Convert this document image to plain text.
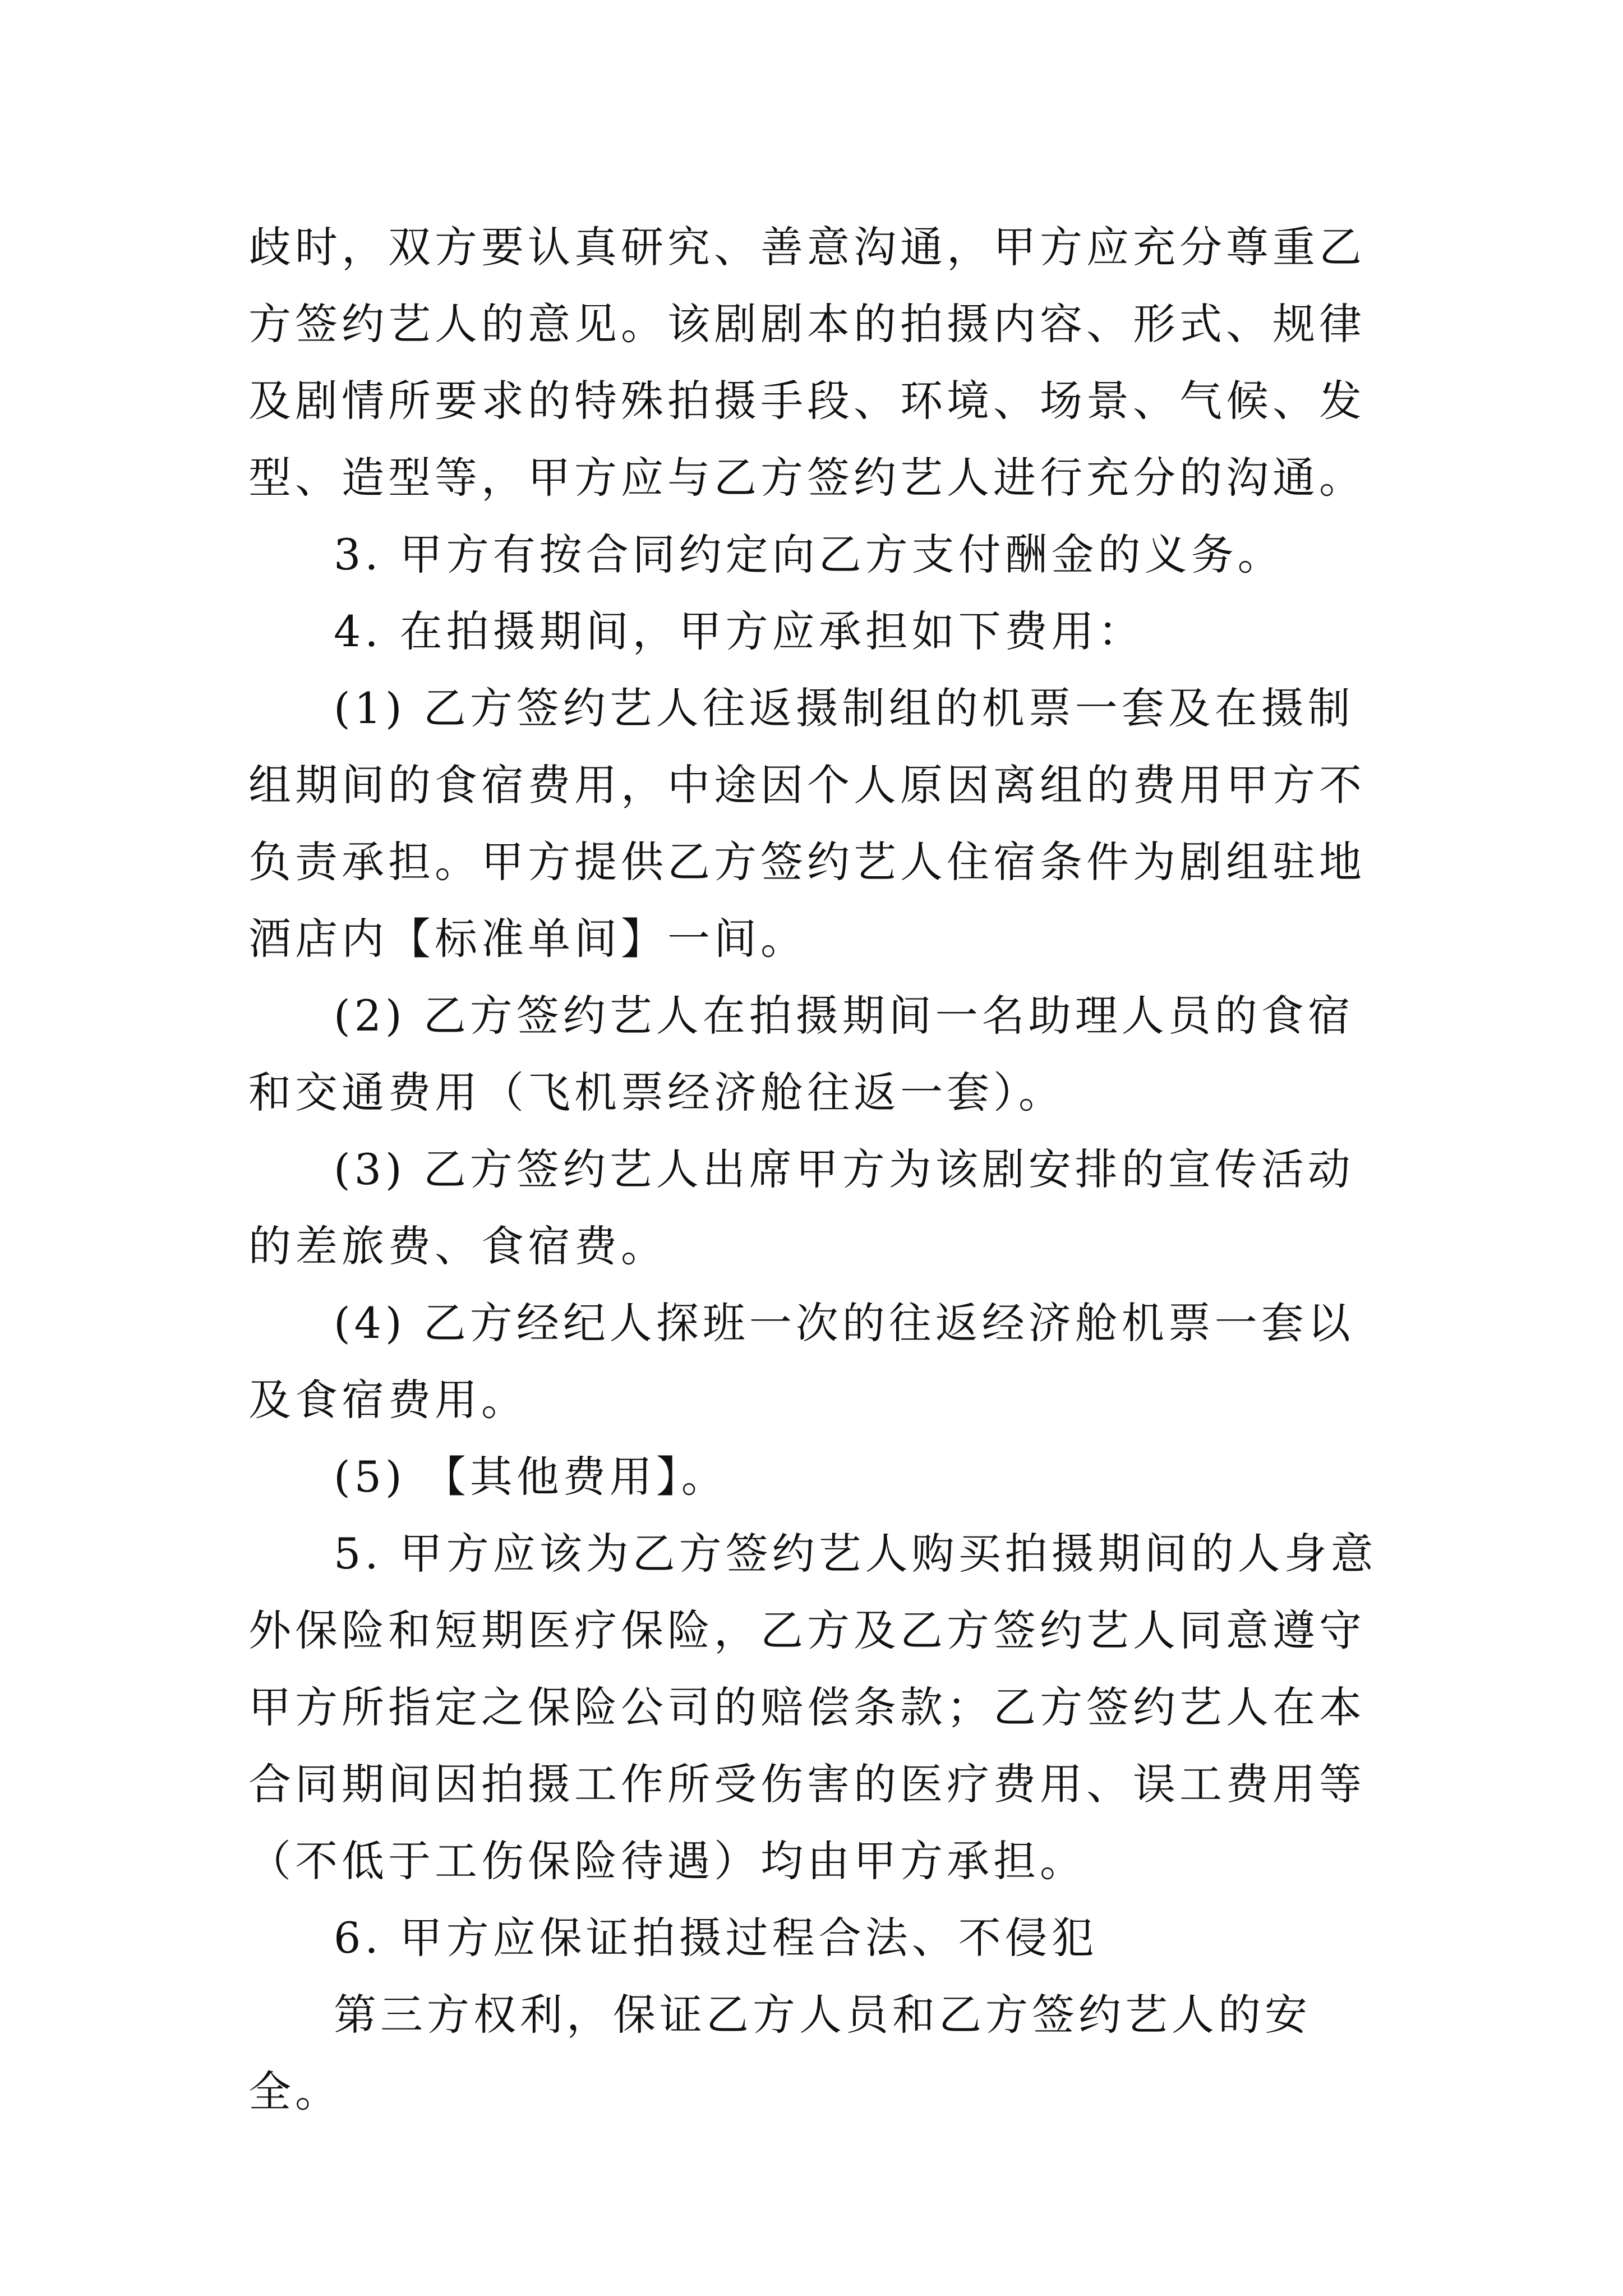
歧时，双方要认真研究、善意沟通，甲方应充分尊重乙方签约艺人的意见。该剧剧本的拍摄内容、形式、规律及剧情所要求的特殊拍摄手段、环境、场景、气候、发型、造型等，甲方应与乙方签约艺人进行充分的沟通。

3. 甲方有按合同约定向乙方支付酬金的义务。

4. 在拍摄期间，甲方应承担如下费用：

(1) 乙方签约艺人往返摄制组的机票一套及在摄制组期间的食宿费用，中途因个人原因离组的费用甲方不负责承担。甲方提供乙方签约艺人住宿条件为剧组驻地酒店内【标准单间】一间。

(2) 乙方签约艺人在拍摄期间一名助理人员的食宿和交通费用（飞机票经济舱往返一套）。

(3) 乙方签约艺人出席甲方为该剧安排的宣传活动的差旅费、食宿费。

(4) 乙方经纪人探班一次的往返经济舱机票一套以及食宿费用。

(5) 【其他费用】。

5. 甲方应该为乙方签约艺人购买拍摄期间的人身意外保险和短期医疗保险，乙方及乙方签约艺人同意遵守甲方所指定之保险公司的赔偿条款；乙方签约艺人在本合同期间因拍摄工作所受伤害的医疗费用、误工费用等（不低于工伤保险待遇）均由甲方承担。

6. 甲方应保证拍摄过程合法、不侵犯

第三方权利，保证乙方人员和乙方签约艺人的安全。
